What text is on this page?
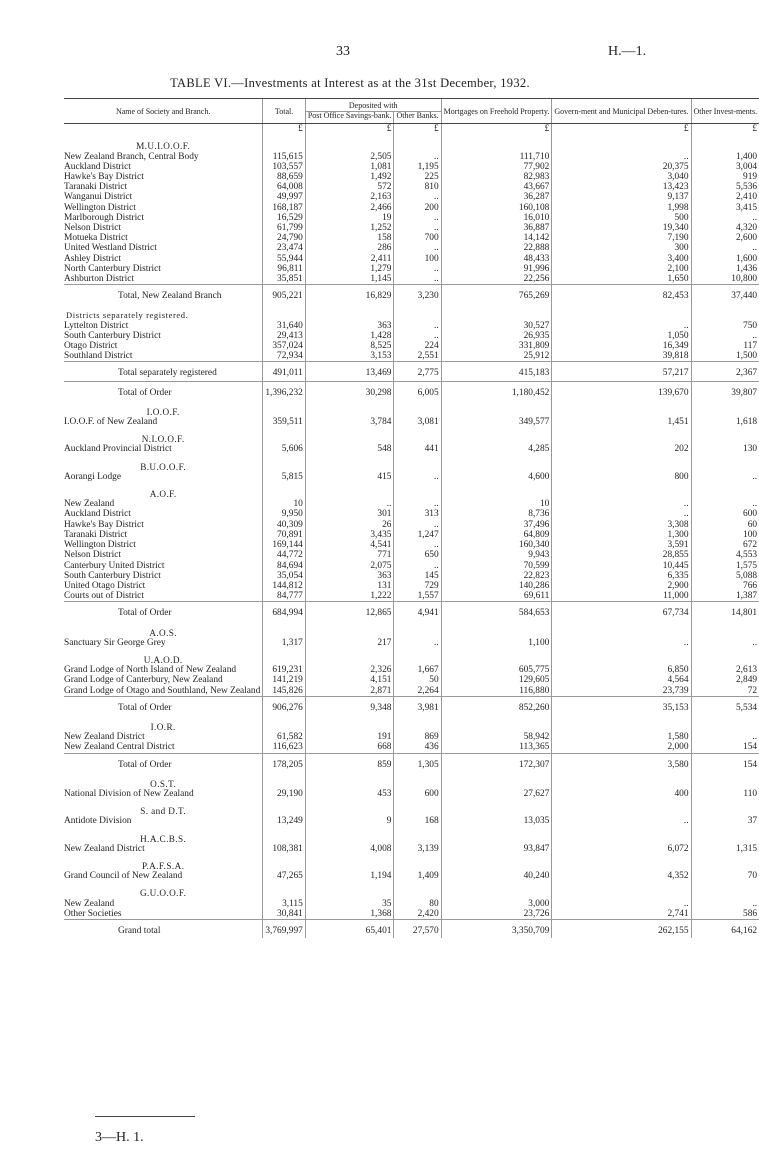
33	H.—1.
TABLE VI.—Investments at Interest as at the 31st December, 1932.
Name of Society and Branch.	Total.	Deposited with		Mortgages on Freehold Property.	Govern-ment and Municipal Deben-tures.	Other Invest-ments.
		Post Office Savings-bank.	Other Banks.			
	£	£	£	£	£	£
M.U.I.O.O.F.						
New Zealand Branch, Central Body	115,615	2,505	..	111,710	..	1,400
Auckland District	103,557	1,081	1,195	77,902	20,375	3,004
Hawke's Bay District	88,659	1,492	225	82,983	3,040	919
Taranaki District	64,008	572	810	43,667	13,423	5,536
Wanganui District	49,997	2,163	..	36,287	9,137	2,410
Wellington District	168,187	2,466	200	160,108	1,998	3,415
Marlborough District	16,529	19	..	16,010	500	..
Nelson District	61,799	1,252	..	36,887	19,340	4,320
Motueka District	24,790	158	700	14,142	7,190	2,600
United Westland District	23,474	286	..	22,888	300	..
Ashley District	55,944	2,411	100	48,433	3,400	1,600
North Canterbury District	96,811	1,279	..	91,996	2,100	1,436
Ashburton District	35,851	1,145	..	22,256	1,650	10,800
Total, New Zealand Branch	905,221	16,829	3,230	765,269	82,453	37,440
Districts separately registered.						
Lyttelton District	31,640	363	..	30,527	..	750
South Canterbury District	29,413	1,428	..	26,935	1,050	..
Otago District	357,024	8,525	224	331,809	16,349	117
Southland District	72,934	3,153	2,551	25,912	39,818	1,500
Total separately registered	491,011	13,469	2,775	415,183	57,217	2,367
Total of Order	1,396,232	30,298	6,005	1,180,452	139,670	39,807
I.O.O.F.						
I.O.O.F. of New Zealand	359,511	3,784	3,081	349,577	1,451	1,618
N.I.O.O.F.						
Auckland Provincial District	5,606	548	441	4,285	202	130
B.U.O.O.F.						
Aorangi Lodge	5,815	415	..	4,600	800	..
A.O.F.						
New Zealand	10	..	..	10	..	..
Auckland District	9,950	301	313	8,736	..	600
Hawke's Bay District	40,309	26	..	37,496	3,308	60
Taranaki District	70,891	3,435	1,247	64,809	1,300	100
Wellington District	169,144	4,541	..	160,340	3,591	672
Nelson District	44,772	771	650	9,943	28,855	4,553
Canterbury United District	84,694	2,075	..	70,599	10,445	1,575
South Canterbury District	35,054	363	145	22,823	6,335	5,088
United Otago District	144,812	131	729	140,286	2,900	766
Courts out of District	84,777	1,222	1,557	69,611	11,000	1,387
Total of Order	684,994	12,865	4,941	584,653	67,734	14,801
A.O.S.						
Sanctuary Sir George Grey	1,317	217	..	1,100	..	..
U.A.O.D.						
Grand Lodge of North Island of New Zealand	619,231	2,326	1,667	605,775	6,850	2,613
Grand Lodge of Canterbury, New Zealand	141,219	4,151	50	129,605	4,564	2,849
Grand Lodge of Otago and Southland, New Zealand	145,826	2,871	2,264	116,880	23,739	72
Total of Order	906,276	9,348	3,981	852,260	35,153	5,534
I.O.R.						
New Zealand District	61,582	191	869	58,942	1,580	..
New Zealand Central District	116,623	668	436	113,365	2,000	154
Total of Order	178,205	859	1,305	172,307	3,580	154
O.S.T.						
National Division of New Zealand	29,190	453	600	27,627	400	110
S. and D.T.						
Antidote Division	13,249	9	168	13,035	..	37
H.A.C.B.S.						
New Zealand District	108,381	4,008	3,139	93,847	6,072	1,315
P.A.F.S.A.						
Grand Council of New Zealand	47,265	1,194	1,409	40,240	4,352	70
G.U.O.O.F.						
New Zealand	3,115	35	80	3,000	..	..
Other Societies	30,841	1,368	2,420	23,726	2,741	586
Grand total	3,769,997	65,401	27,570	3,350,709	262,155	64,162
3—H. 1.
